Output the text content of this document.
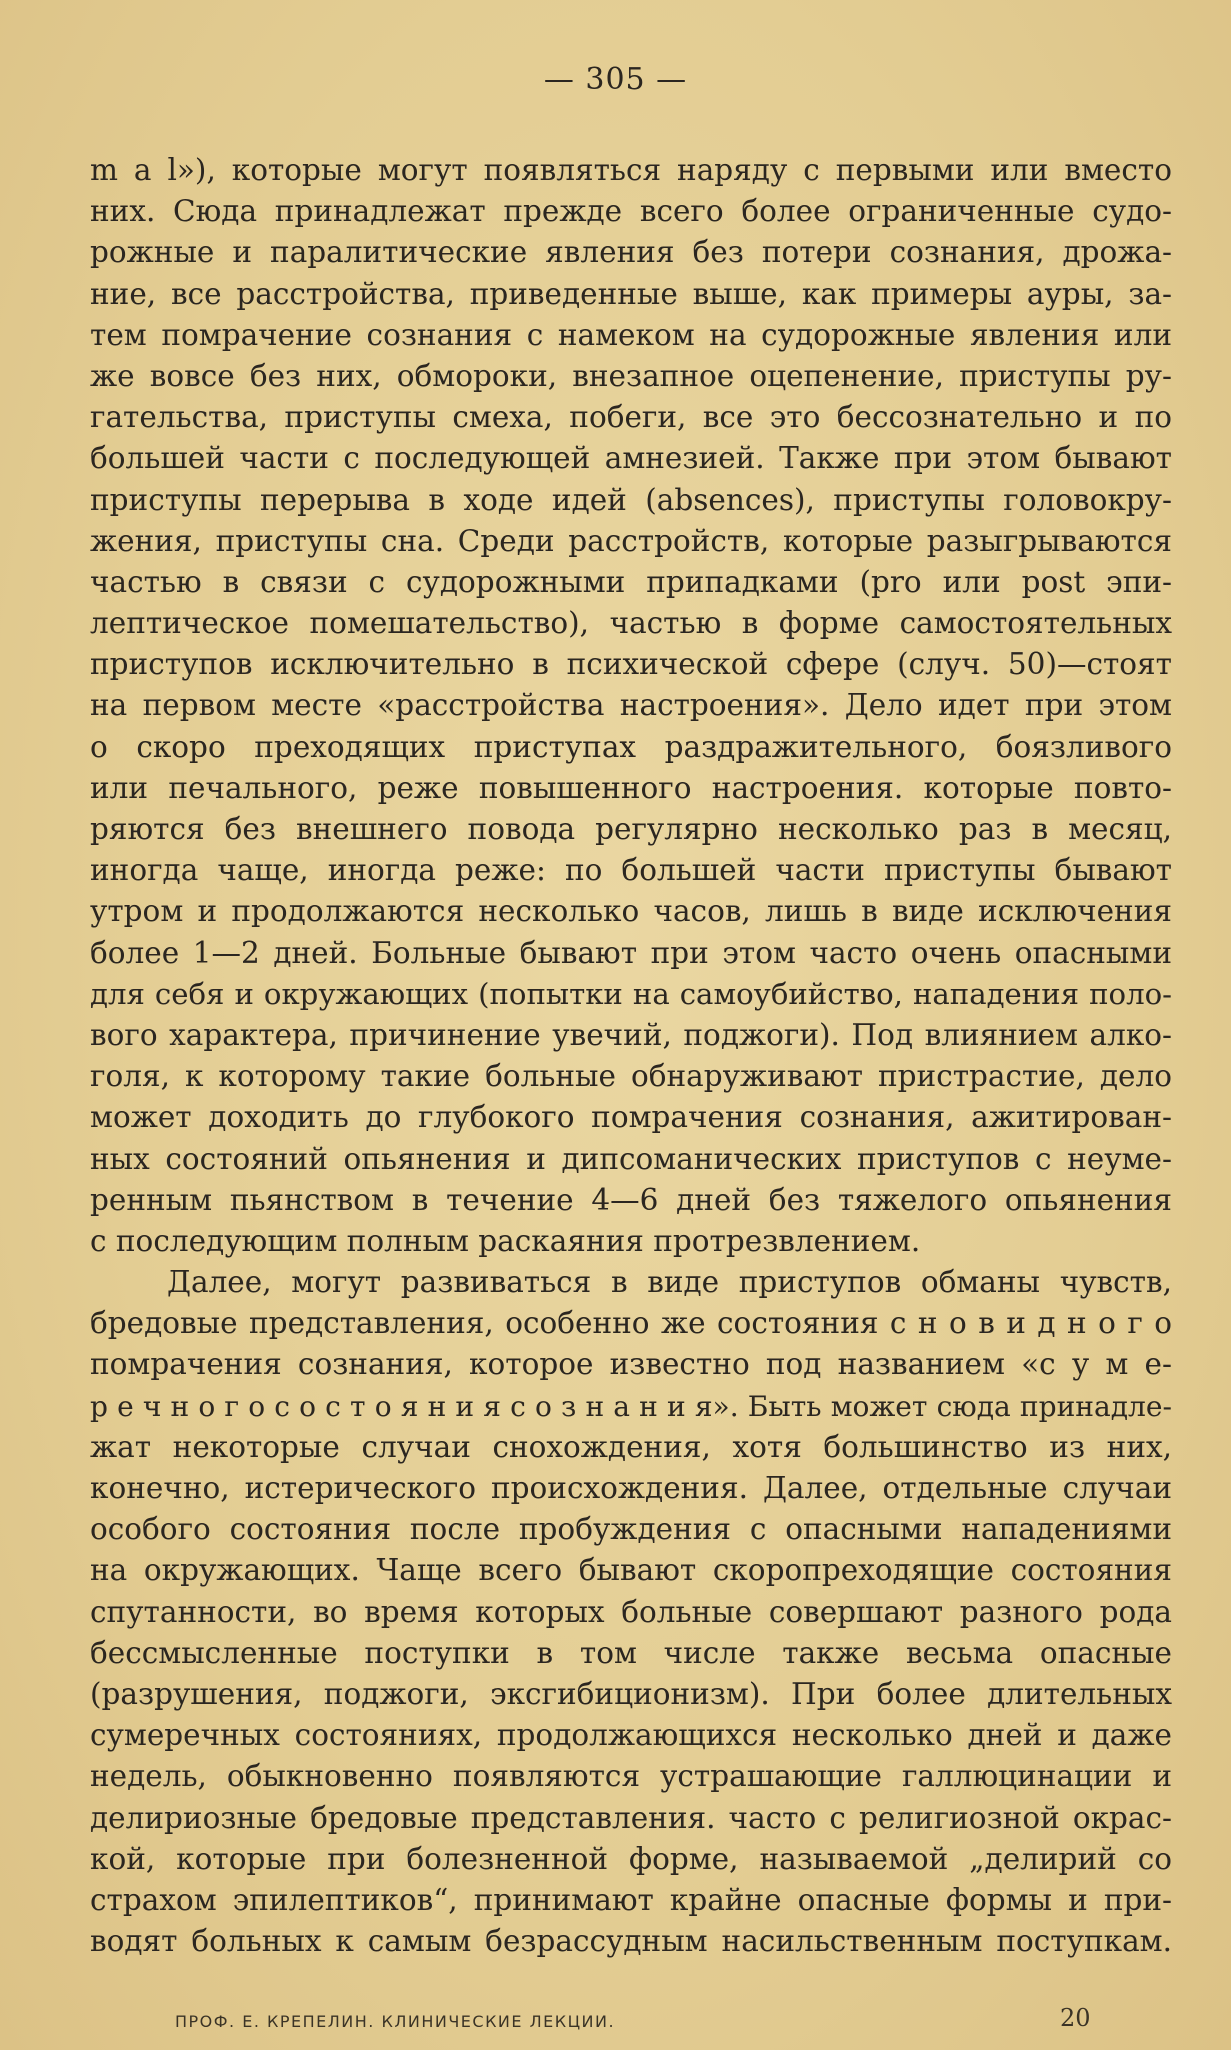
— 305 —
m a l»), которые могут появляться наряду с первыми или вместо
них. Сюда принадлежат прежде всего более ограниченные судо-
рожные и паралитические явления без потери сознания, дрожа-
ние, все расстройства, приведенные выше, как примеры ауры, за-
тем помрачение сознания с намеком на судорожные явления или
же вовсе без них, обмороки, внезапное оцепенение, приступы ру-
гательства, приступы смеха, побеги, все это бессознательно и по
большей части с последующей амнезией. Также при этом бывают
приступы перерыва в ходе идей (absences), приступы головокру-
жения, приступы сна. Среди расстройств, которые разыгрываются
частью в связи с судорожными припадками (pro или post эпи-
лептическое помешательство), частью в форме самостоятельных
приступов исключительно в психической сфере (случ. 50)—стоят
на первом месте «расстройства настроения». Дело идет при этом
о скоро преходящих приступах раздражительного, боязливого
или печального, реже повышенного настроения. которые повто-
ряются без внешнего повода регулярно несколько раз в месяц,
иногда чаще, иногда реже: по большей части приступы бывают
утром и продолжаются несколько часов, лишь в виде исключения
более 1—2 дней. Больные бывают при этом часто очень опасными
для себя и окружающих (попытки на самоубийство, нападения поло-
вого характера, причинение увечий, поджоги). Под влиянием алко-
голя, к которому такие больные обнаруживают пристрастие, дело
может доходить до глубокого помрачения сознания, ажитирован-
ных состояний опьянения и дипсоманических приступов с неуме-
ренным пьянством в течение 4—6 дней без тяжелого опьянения
с последующим полным раскаяния протрезвлением.
Далее, могут развиваться в виде приступов обманы чувств,
бредовые представления, особенно же состояния с н о в и д н о г о
помрачения сознания, которое известно под названием «с у м е-
р е ч н о г о с о с т о я н и я с о з н а н и я». Быть может сюда принадле-
жат некоторые случаи снохождения, хотя большинство из них,
конечно, истерического происхождения. Далее, отдельные случаи
особого состояния после пробуждения с опасными нападениями
на окружающих. Чаще всего бывают скоропреходящие состояния
спутанности, во время которых больные совершают разного рода
бессмысленные поступки в том числе также весьма опасные
(разрушения, поджоги, эксгибиционизм). При более длительных
сумеречных состояниях, продолжающихся несколько дней и даже
недель, обыкновенно появляются устрашающие галлюцинации и
делириозные бредовые представления. часто с религиозной окрас-
кой, которые при болезненной форме, называемой „делирий со
страхом эпилептиков“, принимают крайне опасные формы и при-
водят больных к самым безрассудным насильственным поступкам.
ПРОФ. Е. КРЕПЕЛИН. КЛИНИЧЕСКИЕ ЛЕКЦИИ.	20
